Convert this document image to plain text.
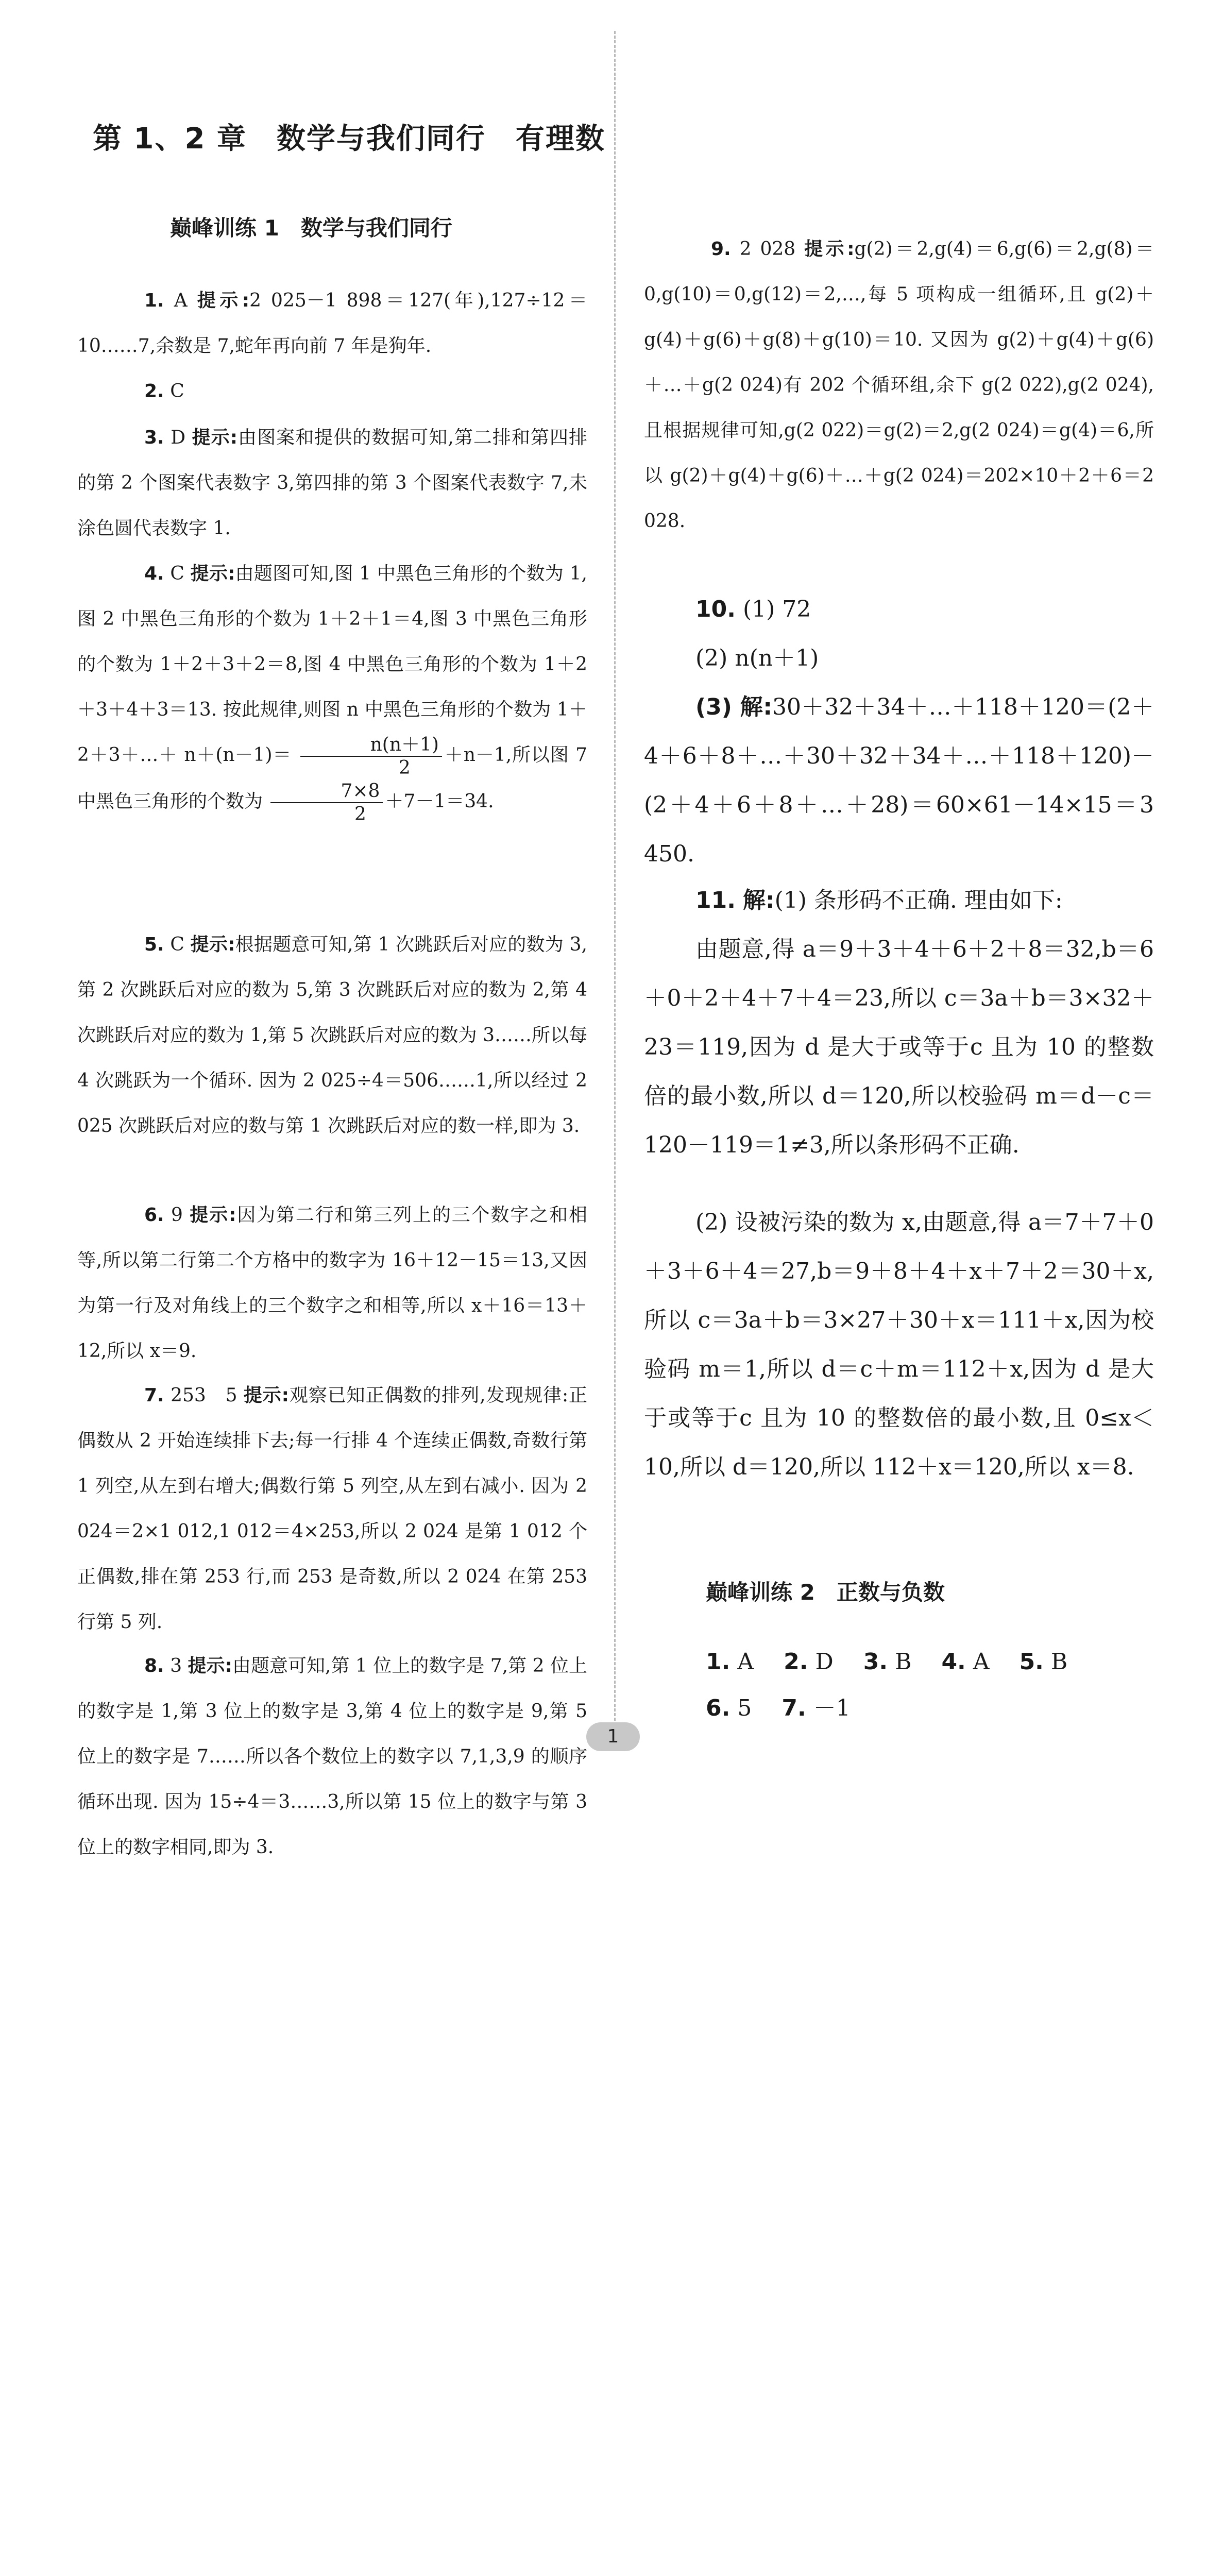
第 1、2 章　数学与我们同行　有理数
巅峰训练 1　数学与我们同行
1. A 提示:2 025－1 898＝127(年),127÷12＝10……7,余数是 7,蛇年再向前 7 年是狗年.
2. C
3. D 提示:由图案和提供的数据可知,第二排和第四排的第 2 个图案代表数字 3,第四排的第 3 个图案代表数字 7,未涂色圆代表数字 1.
4. C 提示:由题图可知,图 1 中黑色三角形的个数为 1,图 2 中黑色三角形的个数为 1＋2＋1＝4,图 3 中黑色三角形的个数为 1＋2＋3＋2＝8,图 4 中黑色三角形的个数为 1＋2＋3＋4＋3＝13. 按此规律,则图 n 中黑色三角形的个数为 1＋2＋3＋…＋ $n+(n-1)= \frac{n(n+1)}{2} +n-1$,所以图 7 中黑色三角形的个数为 $\frac{7\times 8}{2} +7-1=34$.
5. C 提示:根据题意可知,第 1 次跳跃后对应的数为 3,第 2 次跳跃后对应的数为 5,第 3 次跳跃后对应的数为 2,第 4 次跳跃后对应的数为 1,第 5 次跳跃后对应的数为 3……所以每 4 次跳跃为一个循环. 因为 2 025÷4＝506……1,所以经过 2 025 次跳跃后对应的数与第 1 次跳跃后对应的数一样,即为 3.
6. 9 提示:因为第二行和第三列上的三个数字之和相等,所以第二行第二个方格中的数字为 16＋12－15＝13,又因为第一行及对角线上的三个数字之和相等,所以 x＋16＝13＋12,所以 x＝9.
7. 253　5 提示:观察已知正偶数的排列,发现规律:正偶数从 2 开始连续排下去;每一行排 4 个连续正偶数,奇数行第 1 列空,从左到右增大;偶数行第 5 列空,从左到右减小. 因为 2 024＝2×1 012,1 012＝4×253,所以 2 024 是第 1 012 个正偶数,排在第 253 行,而 253 是奇数,所以 2 024 在第 253 行第 5 列.
8. 3 提示:由题意可知,第 1 位上的数字是 7,第 2 位上的数字是 1,第 3 位上的数字是 3,第 4 位上的数字是 9,第 5 位上的数字是 7……所以各个数位上的数字以 7,1,3,9 的顺序循环出现. 因为 15÷4＝3……3,所以第 15 位上的数字与第 3 位上的数字相同,即为 3.
9. 2 028 提示:g(2)＝2,g(4)＝6,g(6)＝2,g(8)＝0,g(10)＝0,g(12)＝2,…,每 5 项构成一组循环,且 g(2)＋g(4)＋g(6)＋g(8)＋g(10)＝10. 又因为 g(2)＋g(4)＋g(6)＋…＋g(2 024)有 202 个循环组,余下 g(2 022),g(2 024),且根据规律可知,g(2 022)＝g(2)＝2,g(2 024)＝g(4)＝6,所以 g(2)＋g(4)＋g(6)＋…＋g(2 024)＝202×10＋2＋6＝2 028.
10. (1) 72
(2) n(n＋1)
(3) 解:30＋32＋34＋…＋118＋120＝(2＋4＋6＋8＋…＋30＋32＋34＋…＋118＋120)－(2＋4＋6＋8＋…＋28)＝60×61－14×15＝3 450.
11. 解:(1) 条形码不正确. 理由如下:
由题意,得 a＝9＋3＋4＋6＋2＋8＝32,b＝6＋0＋2＋4＋7＋4＝23,所以 c＝3a＋b＝3×32＋23＝119,因为 d 是大于或等于c 且为 10 的整数倍的最小数,所以 d＝120,所以校验码 m＝d－c＝120－119＝1≠3,所以条形码不正确.
(2) 设被污染的数为 x,由题意,得 a＝7＋7＋0＋3＋6＋4＝27,b＝9＋8＋4＋x＋7＋2＝30＋x,所以 c＝3a＋b＝3×27＋30＋x＝111＋x,因为校验码 m＝1,所以 d＝c＋m＝112＋x,因为 d 是大于或等于c 且为 10 的整数倍的最小数,且 0≤x＜10,所以 d＝120,所以 112＋x＝120,所以 x＝8.
巅峰训练 2　正数与负数
1. A　 2. D　 3. B　 4. A　 5. B
6. 5　 7. －1
1
